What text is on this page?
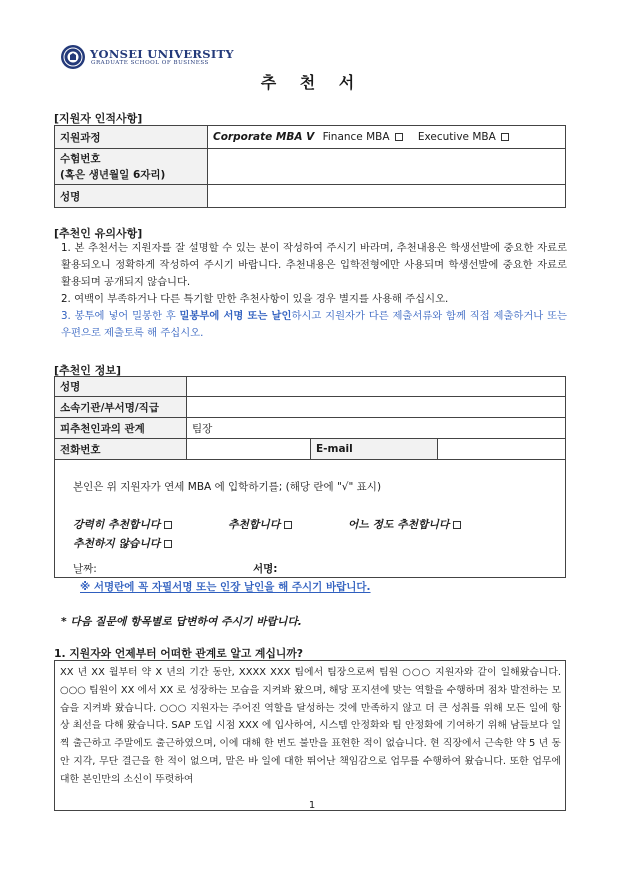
YONSEI UNIVERSITY
GRADUATE SCHOOL OF BUSINESS
추 천 서
[지원자 인적사항]
지원과정	Corporate MBA V Finance MBA Executive MBA

수험번호
(혹은 생년월일 6자리)	

성명	
[추천인 유의사항]

1. 본 추천서는 지원자를 잘 설명할 수 있는 분이 작성하여 주시기 바라며, 추천내용은 학생선발에 중요한 자료로 활용되오니 정확하게 작성하여 주시기 바랍니다. 추천내용은 입학전형에만 사용되며 학생선발에 중요한 자료로 활용되며 공개되지 않습니다.

2. 여백이 부족하거나 다른 특기할 만한 추천사항이 있을 경우 별지를 사용해 주십시오.

3. 봉투에 넣어 밀봉한 후 밀봉부에 서명 또는 날인하시고 지원자가 다른 제출서류와 함께 직접 제출하거나 또는 우편으로 제출토록 해 주십시오.

[추천인 정보]
성명			
소속기관/부서명/직급			
피추천인과의 관계	팀장		
전화번호		E-mail	
본인은 위 지원자가 연세 MBA 에 입학하기를; (해당 란에 "√" 표시)
강력히 추천합니다	추천합니다	어느 정도 추천합니다 추천하지 않습니다
날짜:	서명:
※ 서명란에 꼭 자필서명 또는 인장 날인을 해 주시기 바랍니다.
* 다음 질문에 항목별로 답변하여 주시기 바랍니다.
1. 지원자와 언제부터 어떠한 관계로 알고 계십니까?
XX 년 XX 월부터 약 X 년의 기간 동안, XXXX XXX 팀에서 팀장으로써 팀원 ○○○ 지원자와 같이 일해왔습니다. ○○○ 팀원이 XX 에서 XX 로 성장하는 모습을 지켜봐 왔으며, 해당 포지션에 맞는 역할을 수행하며 점차 발전하는 모습을 지켜봐 왔습니다. ○○○ 지원자는 주어진 역할을 달성하는 것에 만족하지 않고 더 큰 성취를 위해 모든 일에 항상 최선을 다해 왔습니다. SAP 도입 시점 XXX 에 입사하여, 시스템 안정화와 팀 안정화에 기여하기 위해 남들보다 일찍 출근하고 주말에도 출근하였으며, 이에 대해 한 번도 불만을 표현한 적이 없습니다. 현 직장에서 근속한 약 5 년 동안 지각, 무단 결근을 한 적이 없으며, 맡은 바 일에 대한 뛰어난 책임감으로 업무를 수행하여 왔습니다. 또한 업무에 대한 본인만의 소신이 뚜렷하여
1
